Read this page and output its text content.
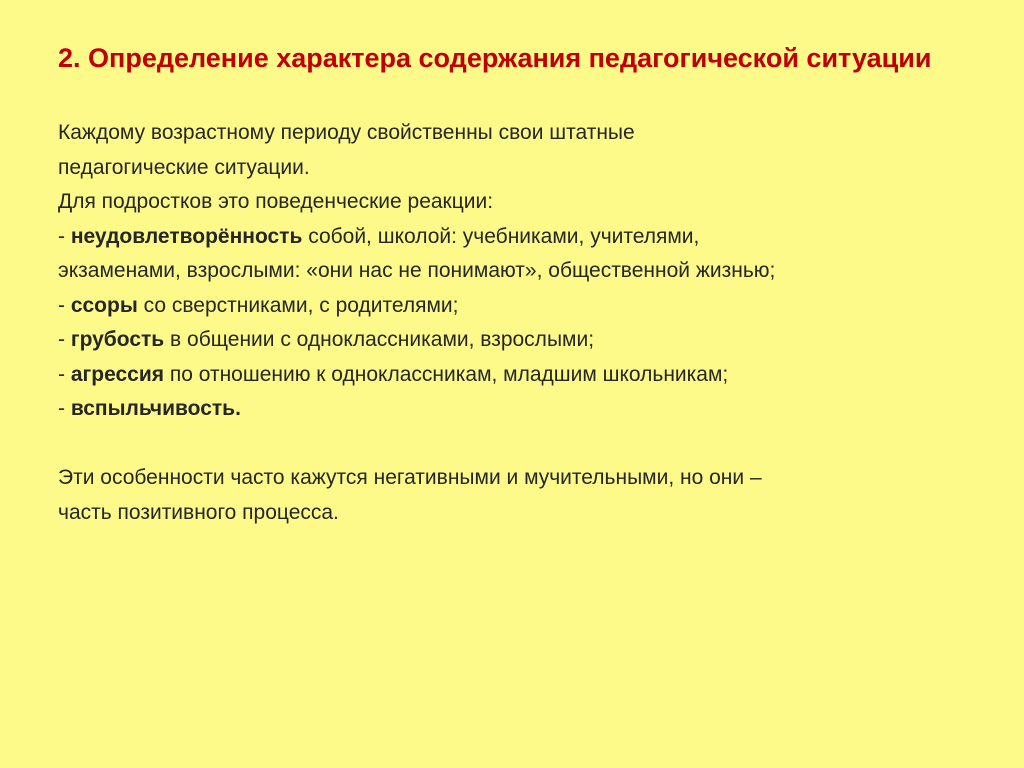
2. Определение характера содержания педагогической ситуации

Каждому возрастному периоду свойственны свои штатные

педагогические ситуации.

Для подростков это поведенческие реакции:

- неудовлетворённость собой, школой: учебниками, учителями,

экзаменами, взрослыми: «они нас не понимают», общественной жизнью;

- ссоры со сверстниками, с родителями;

- грубость в общении с одноклассниками, взрослыми;

- агрессия по отношению к одноклассникам, младшим школьникам;

- вспыльчивость.

Эти особенности часто кажутся негативными и мучительными, но они –

часть позитивного процесса.
